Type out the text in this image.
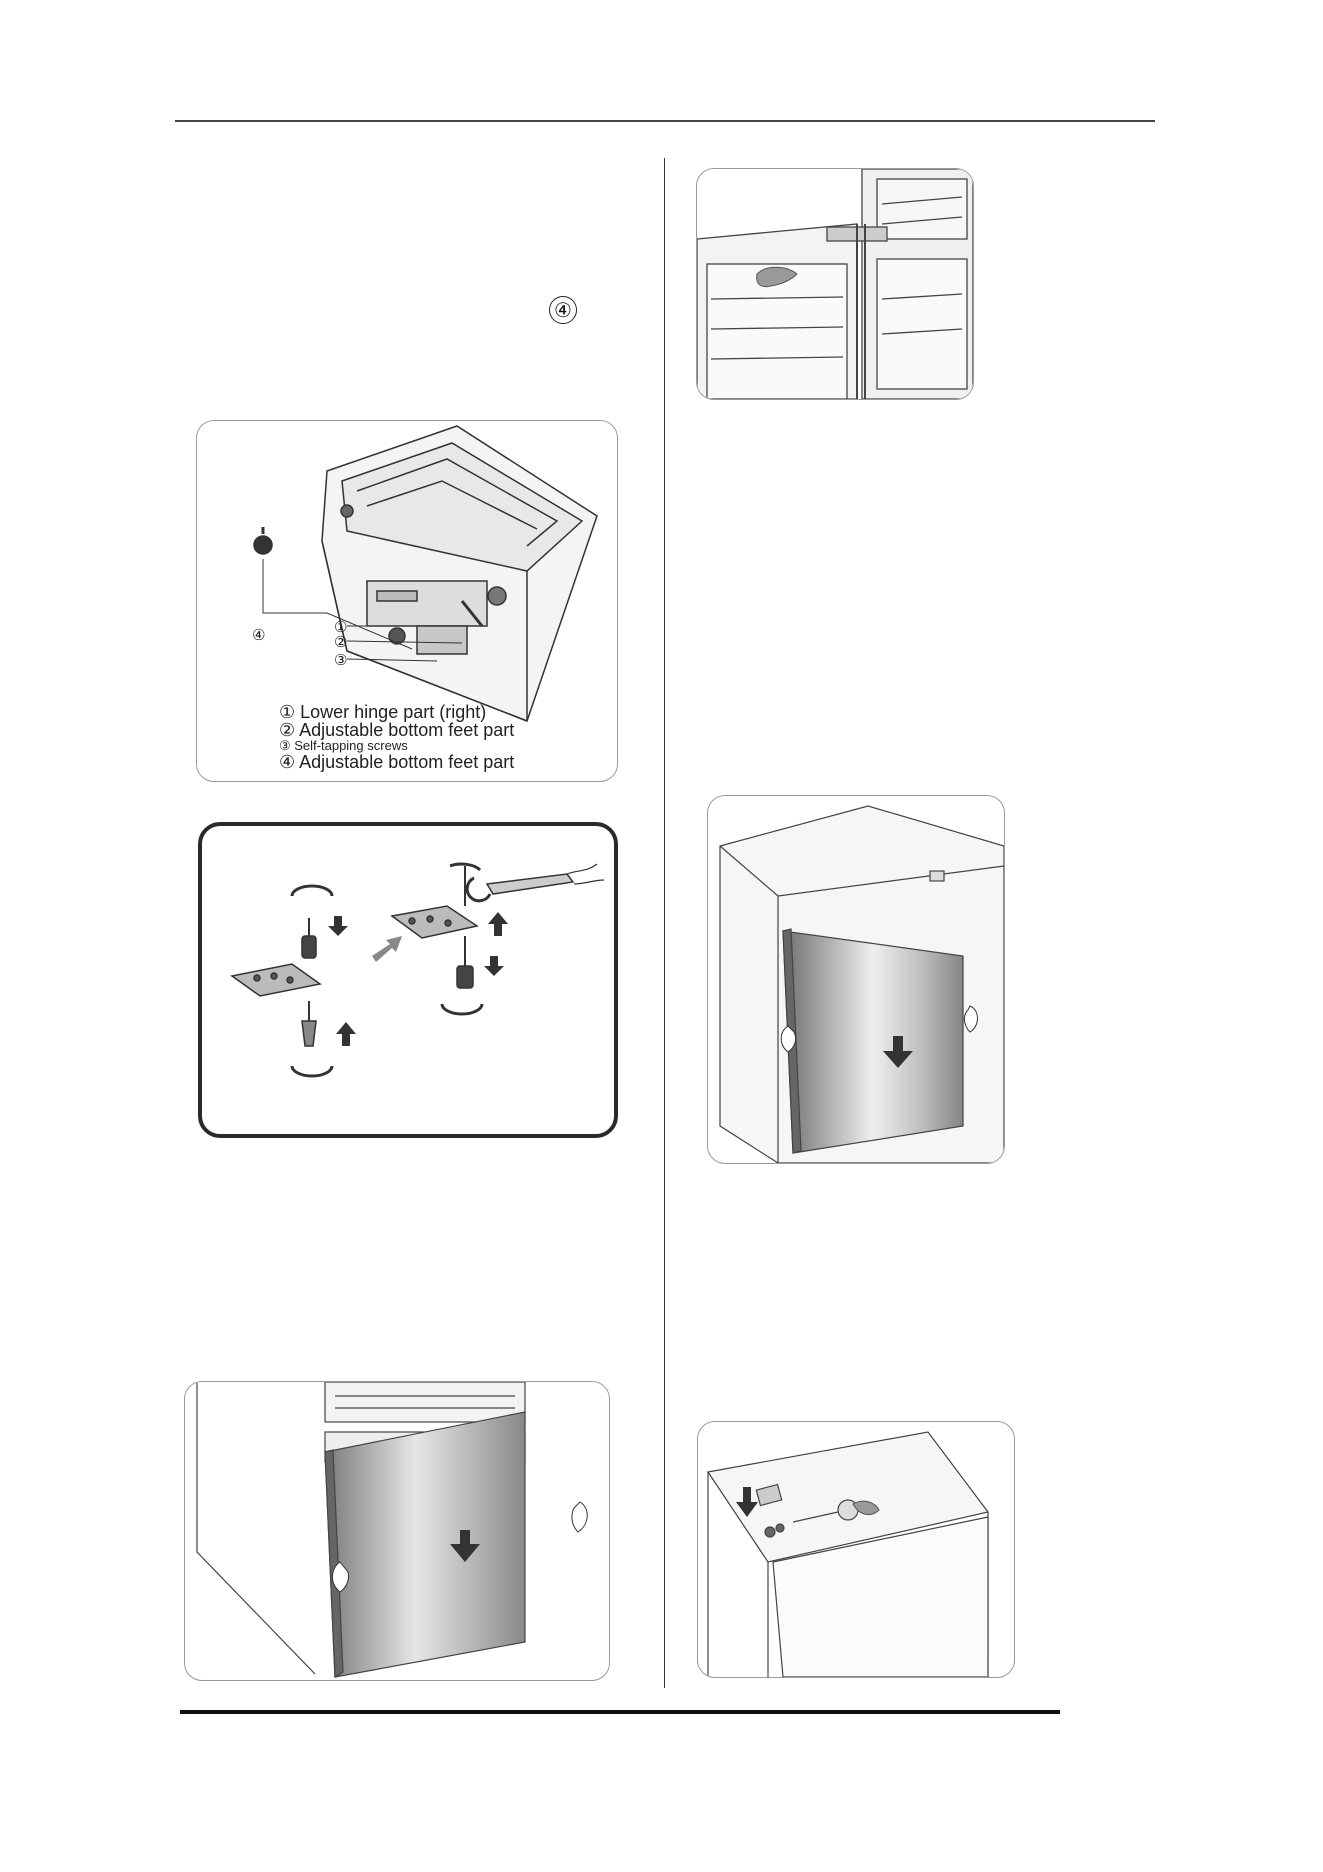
④
④	①
②
③
① Lower hinge part (right)
② Adjustable bottom feet part
③ Self-tapping screws
④ Adjustable bottom feet part
